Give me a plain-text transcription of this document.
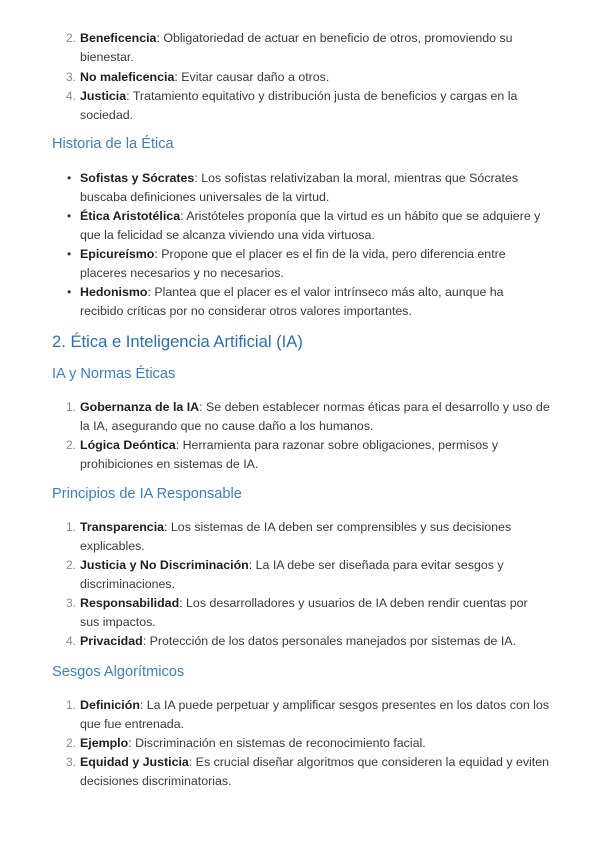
2. Beneficencia: Obligatoriedad de actuar en beneficio de otros, promoviendo su bienestar.
3. No maleficencia: Evitar causar daño a otros.
4. Justicia: Tratamiento equitativo y distribución justa de beneficios y cargas en la sociedad.
Historia de la Ética
• Sofistas y Sócrates: Los sofistas relativizaban la moral, mientras que Sócrates buscaba definiciones universales de la virtud.
• Ética Aristotélica: Aristóteles proponía que la virtud es un hábito que se adquiere y que la felicidad se alcanza viviendo una vida virtuosa.
• Epicureísmo: Propone que el placer es el fin de la vida, pero diferencia entre placeres necesarios y no necesarios.
• Hedonismo: Plantea que el placer es el valor intrínseco más alto, aunque ha recibido críticas por no considerar otros valores importantes.
2. Ética e Inteligencia Artificial (IA)
IA y Normas Éticas
1. Gobernanza de la IA: Se deben establecer normas éticas para el desarrollo y uso de la IA, asegurando que no cause daño a los humanos.
2. Lógica Deóntica: Herramienta para razonar sobre obligaciones, permisos y prohibiciones en sistemas de IA.
Principios de IA Responsable
1. Transparencia: Los sistemas de IA deben ser comprensibles y sus decisiones explicables.
2. Justicia y No Discriminación: La IA debe ser diseñada para evitar sesgos y discriminaciones.
3. Responsabilidad: Los desarrolladores y usuarios de IA deben rendir cuentas por sus impactos.
4. Privacidad: Protección de los datos personales manejados por sistemas de IA.
Sesgos Algorítmicos
1. Definición: La IA puede perpetuar y amplificar sesgos presentes en los datos con los que fue entrenada.
2. Ejemplo: Discriminación en sistemas de reconocimiento facial.
3. Equidad y Justicia: Es crucial diseñar algoritmos que consideren la equidad y eviten decisiones discriminatorias.
